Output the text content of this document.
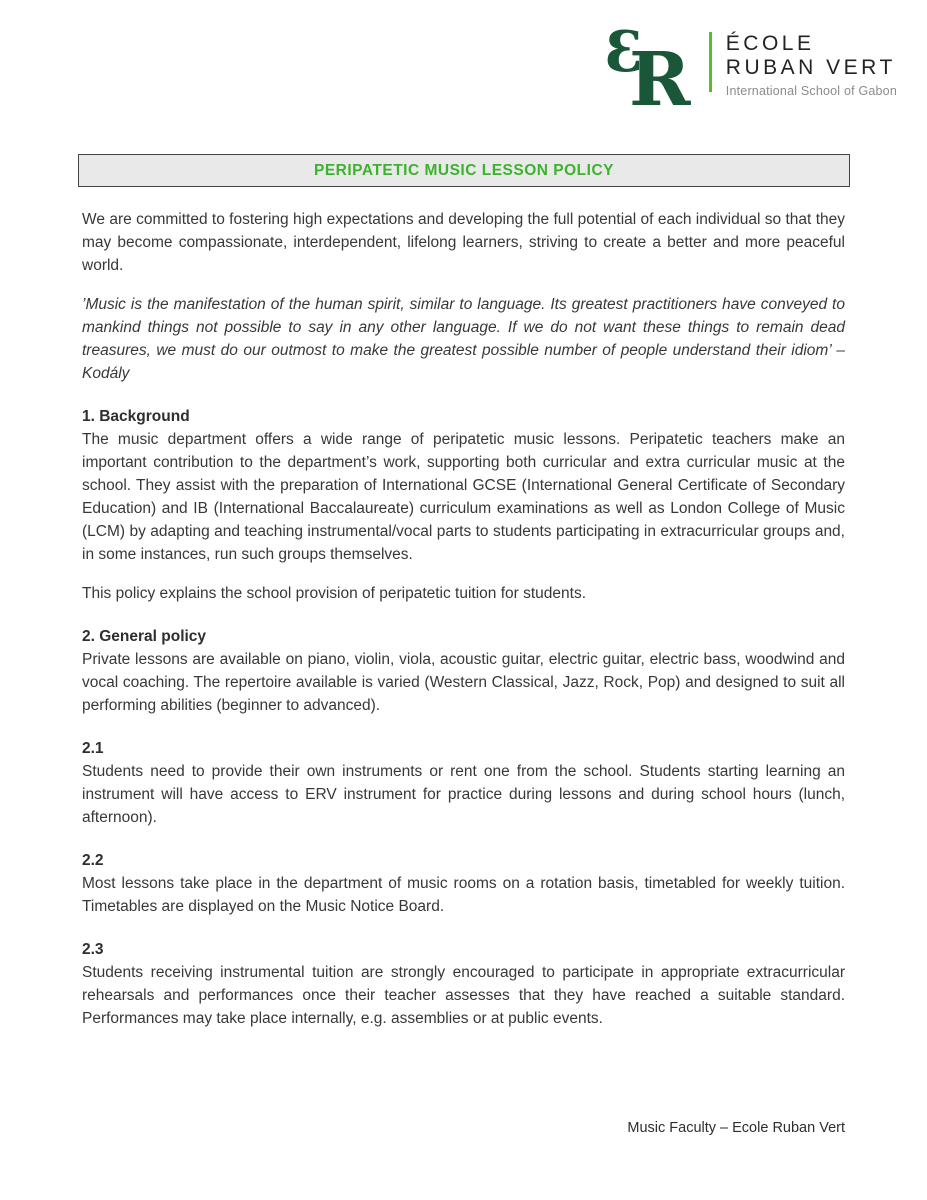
3
R ÉCOLE
RUBAN VERT
International School of Gabon
PERIPATETIC MUSIC LESSON POLICY

We are committed to fostering high expectations and developing the full potential of each individual so that they may become compassionate, interdependent, lifelong learners, striving to create a better and more peaceful world.

’Music is the manifestation of the human spirit, similar to language. Its greatest practitioners have conveyed to mankind things not possible to say in any other language. If we do not want these things to remain dead treasures, we must do our outmost to make the greatest possible number of people understand their idiom’ – Kodály

1. Background

The music department offers a wide range of peripatetic music lessons. Peripatetic teachers make an important contribution to the department’s work, supporting both curricular and extra curricular music at the school. They assist with the preparation of International GCSE (International General Certificate of Secondary Education) and IB (International Baccalaureate) curriculum examinations as well as London College of Music (LCM) by adapting and teaching instrumental/vocal parts to students participating in extracurricular groups and, in some instances, run such groups themselves.

This policy explains the school provision of peripatetic tuition for students.

2. General policy

Private lessons are available on piano, violin, viola, acoustic guitar, electric guitar, electric bass, woodwind and vocal coaching. The repertoire available is varied (Western Classical, Jazz, Rock, Pop) and designed to suit all performing abilities (beginner to advanced).

2.1

Students need to provide their own instruments or rent one from the school. Students starting learning an instrument will have access to ERV instrument for practice during lessons and during school hours (lunch, afternoon).

2.2

Most lessons take place in the department of music rooms on a rotation basis, timetabled for weekly tuition. Timetables are displayed on the Music Notice Board.

2.3

Students receiving instrumental tuition are strongly encouraged to participate in appropriate extracurricular rehearsals and performances once their teacher assesses that they have reached a suitable standard. Performances may take place internally, e.g. assemblies or at public events.

Music Faculty – Ecole Ruban Vert
